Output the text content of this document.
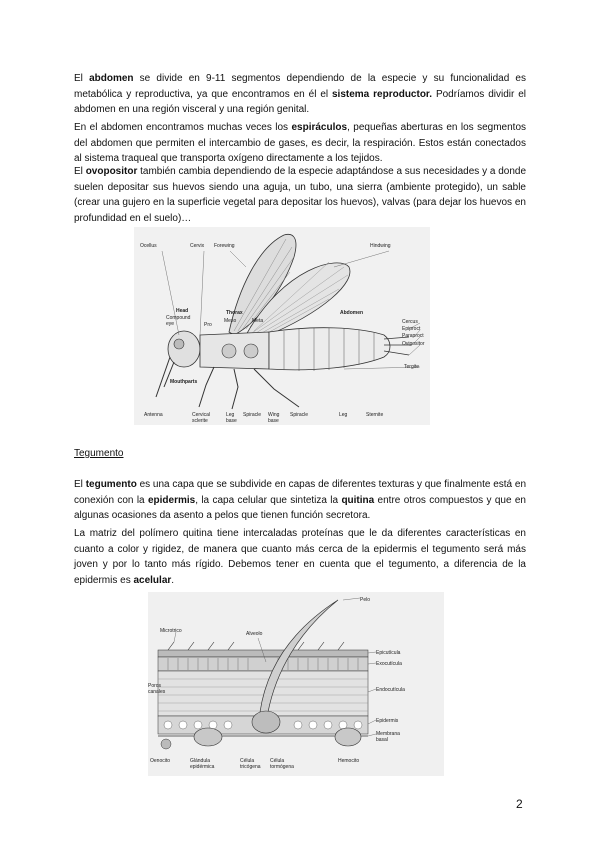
El abdomen se divide en 9-11 segmentos dependiendo de la especie y su funcionalidad es metabólica y reproductiva, ya que encontramos en él el sistema reproductor. Podríamos dividir el abdomen en una región visceral y una región genital.

En el abdomen encontramos muchas veces los espiráculos, pequeñas aberturas en los segmentos del abdomen que permiten el intercambio de gases, es decir, la respiración. Estos están conectados al sistema traqueal que transporta oxígeno directamente a los tejidos.

El ovopositor también cambia dependiendo de la especie adaptándose a sus necesidades y a donde suelen depositar sus huevos siendo una aguja, un tubo, una sierra (ambiente protegido), un sable (crear una gujero en la superficie vegetal para depositar los huevos), valvas (para dejar los huevos en profundidad en el suelo)…

Ocellus	Cervix Forewing	Hindwing
Head
Compound
eye
Thorax
Meso	Meta
Pro
Abdomen
Cercus
Epiproct
Paraproct
Ovipositor
Tergite
Mouthparts
Antenna	Cervical
sclerite
Leg
base
Spiracle Wing
base
Spiracle	Leg	Sternite

Tegumento

El tegumento es una capa que se subdivide en capas de diferentes texturas y que finalmente está en conexión con la epidermis, la capa celular que sintetiza la quitina entre otros compuestos y que en algunas ocasiones da asento a pelos que tienen función secretora.

La matriz del polímero quitina tiene intercaladas proteínas que le da diferentes características en cuanto a color y rigidez, de manera que cuanto más cerca de la epidermis el tegumento será más joven y por lo tanto más rígido. Debemos tener en cuenta que el tegumento, a diferencia de la epidermis es acelular.

Pelo
Microtrico	Alveolo
Epicutícula
Exocutícula
Poros
canales	Endocutícula
Epidermis
Membrana
basal
Oenocito	Glándula
epidérmica
Célula
tricógena
Célula
tormógena
Hemocito
2
